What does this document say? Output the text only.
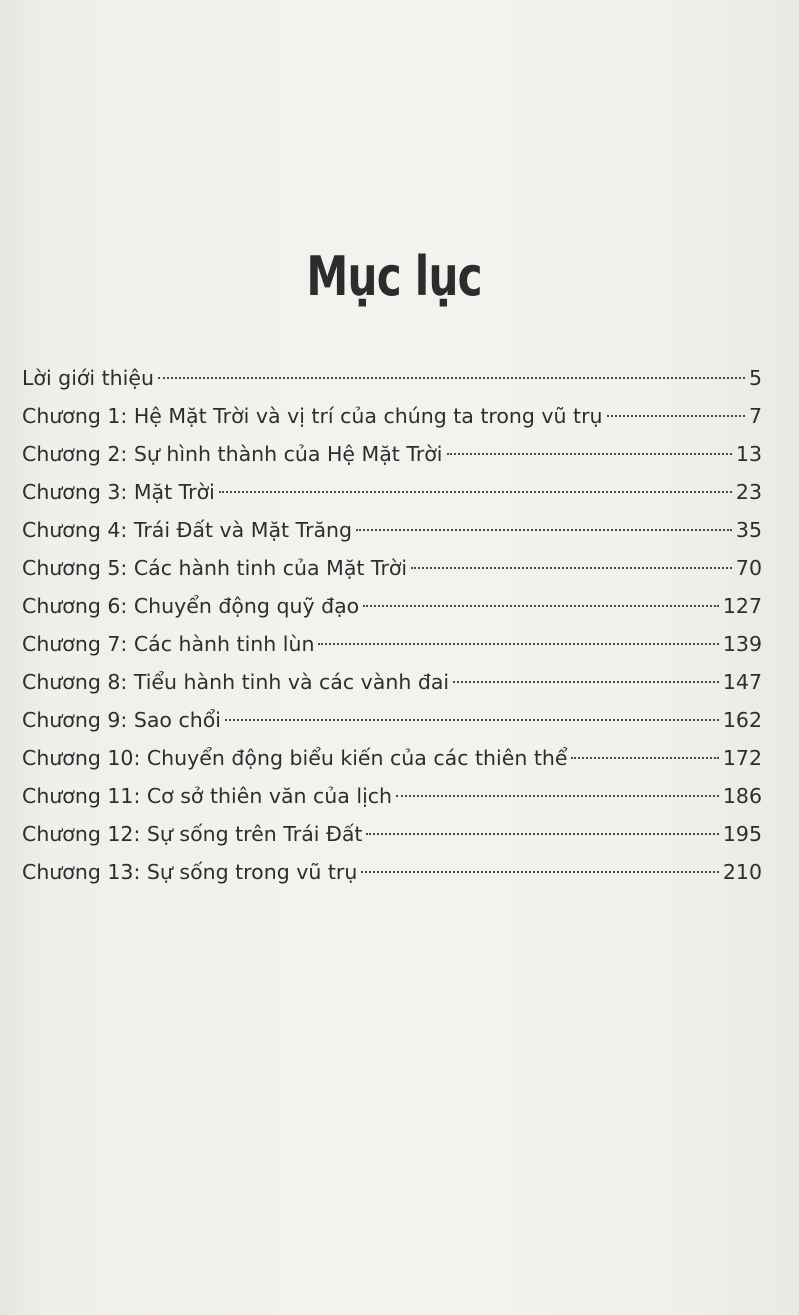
Mục lục
Lời giới thiệu	5
Chương 1: Hệ Mặt Trời và vị trí của chúng ta trong vũ trụ	7
Chương 2: Sự hình thành của Hệ Mặt Trời	13
Chương 3: Mặt Trời	23
Chương 4: Trái Đất và Mặt Trăng	35
Chương 5: Các hành tinh của Mặt Trời	70
Chương 6: Chuyển động quỹ đạo	127
Chương 7: Các hành tinh lùn	139
Chương 8: Tiểu hành tinh và các vành đai	147
Chương 9: Sao chổi	162
Chương 10: Chuyển động biểu kiến của các thiên thể	172
Chương 11: Cơ sở thiên văn của lịch	186
Chương 12: Sự sống trên Trái Đất	195
Chương 13: Sự sống trong vũ trụ	210
